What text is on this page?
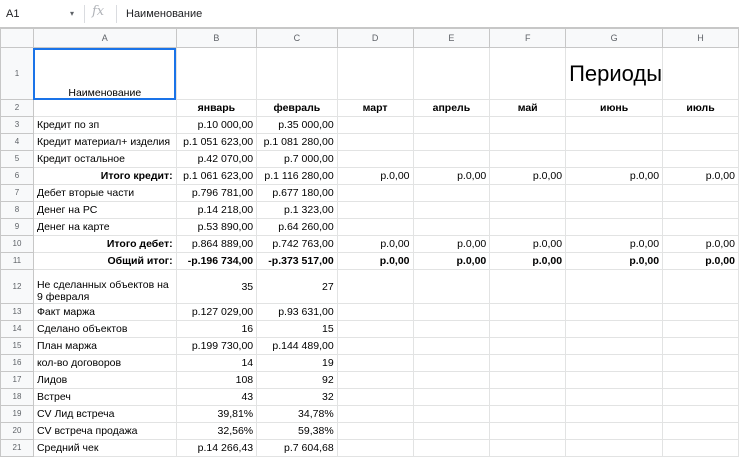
A1	▾ fx Наименование
	A	B	C	D	E	F	G	H
1	Наименование						Периоды	
2		январь	февраль	март	апрель	май	июнь	июль
3	Кредит по зп	р.10 000,00	р.35 000,00					
4	Кредит материал+ изделия	р.1 051 623,00	р.1 081 280,00					
5	Кредит остальное	р.42 070,00	р.7 000,00					
6	Итого кредит:	р.1 061 623,00	р.1 116 280,00	р.0,00	р.0,00	р.0,00	р.0,00	р.0,00
7	Дебет вторые части	р.796 781,00	р.677 180,00					
8	Денег на РС	р.14 218,00	р.1 323,00					
9	Денег на карте	р.53 890,00	р.64 260,00					
10	Итого дебет:	р.864 889,00	р.742 763,00	р.0,00	р.0,00	р.0,00	р.0,00	р.0,00
11	Общий итог:	-р.196 734,00	-р.373 517,00	р.0,00	р.0,00	р.0,00	р.0,00	р.0,00
12	Не сделанных объектов на 9 февраля	35	27					
13	Факт маржа	р.127 029,00	р.93 631,00					
14	Сделано объектов	16	15					
15	План маржа	р.199 730,00	р.144 489,00					
16	кол-во договоров	14	19					
17	Лидов	108	92					
18	Встреч	43	32					
19	CV Лид встреча	39,81%	34,78%					
20	CV встреча продажа	32,56%	59,38%					
21	Средний чек	р.14 266,43	р.7 604,68					
